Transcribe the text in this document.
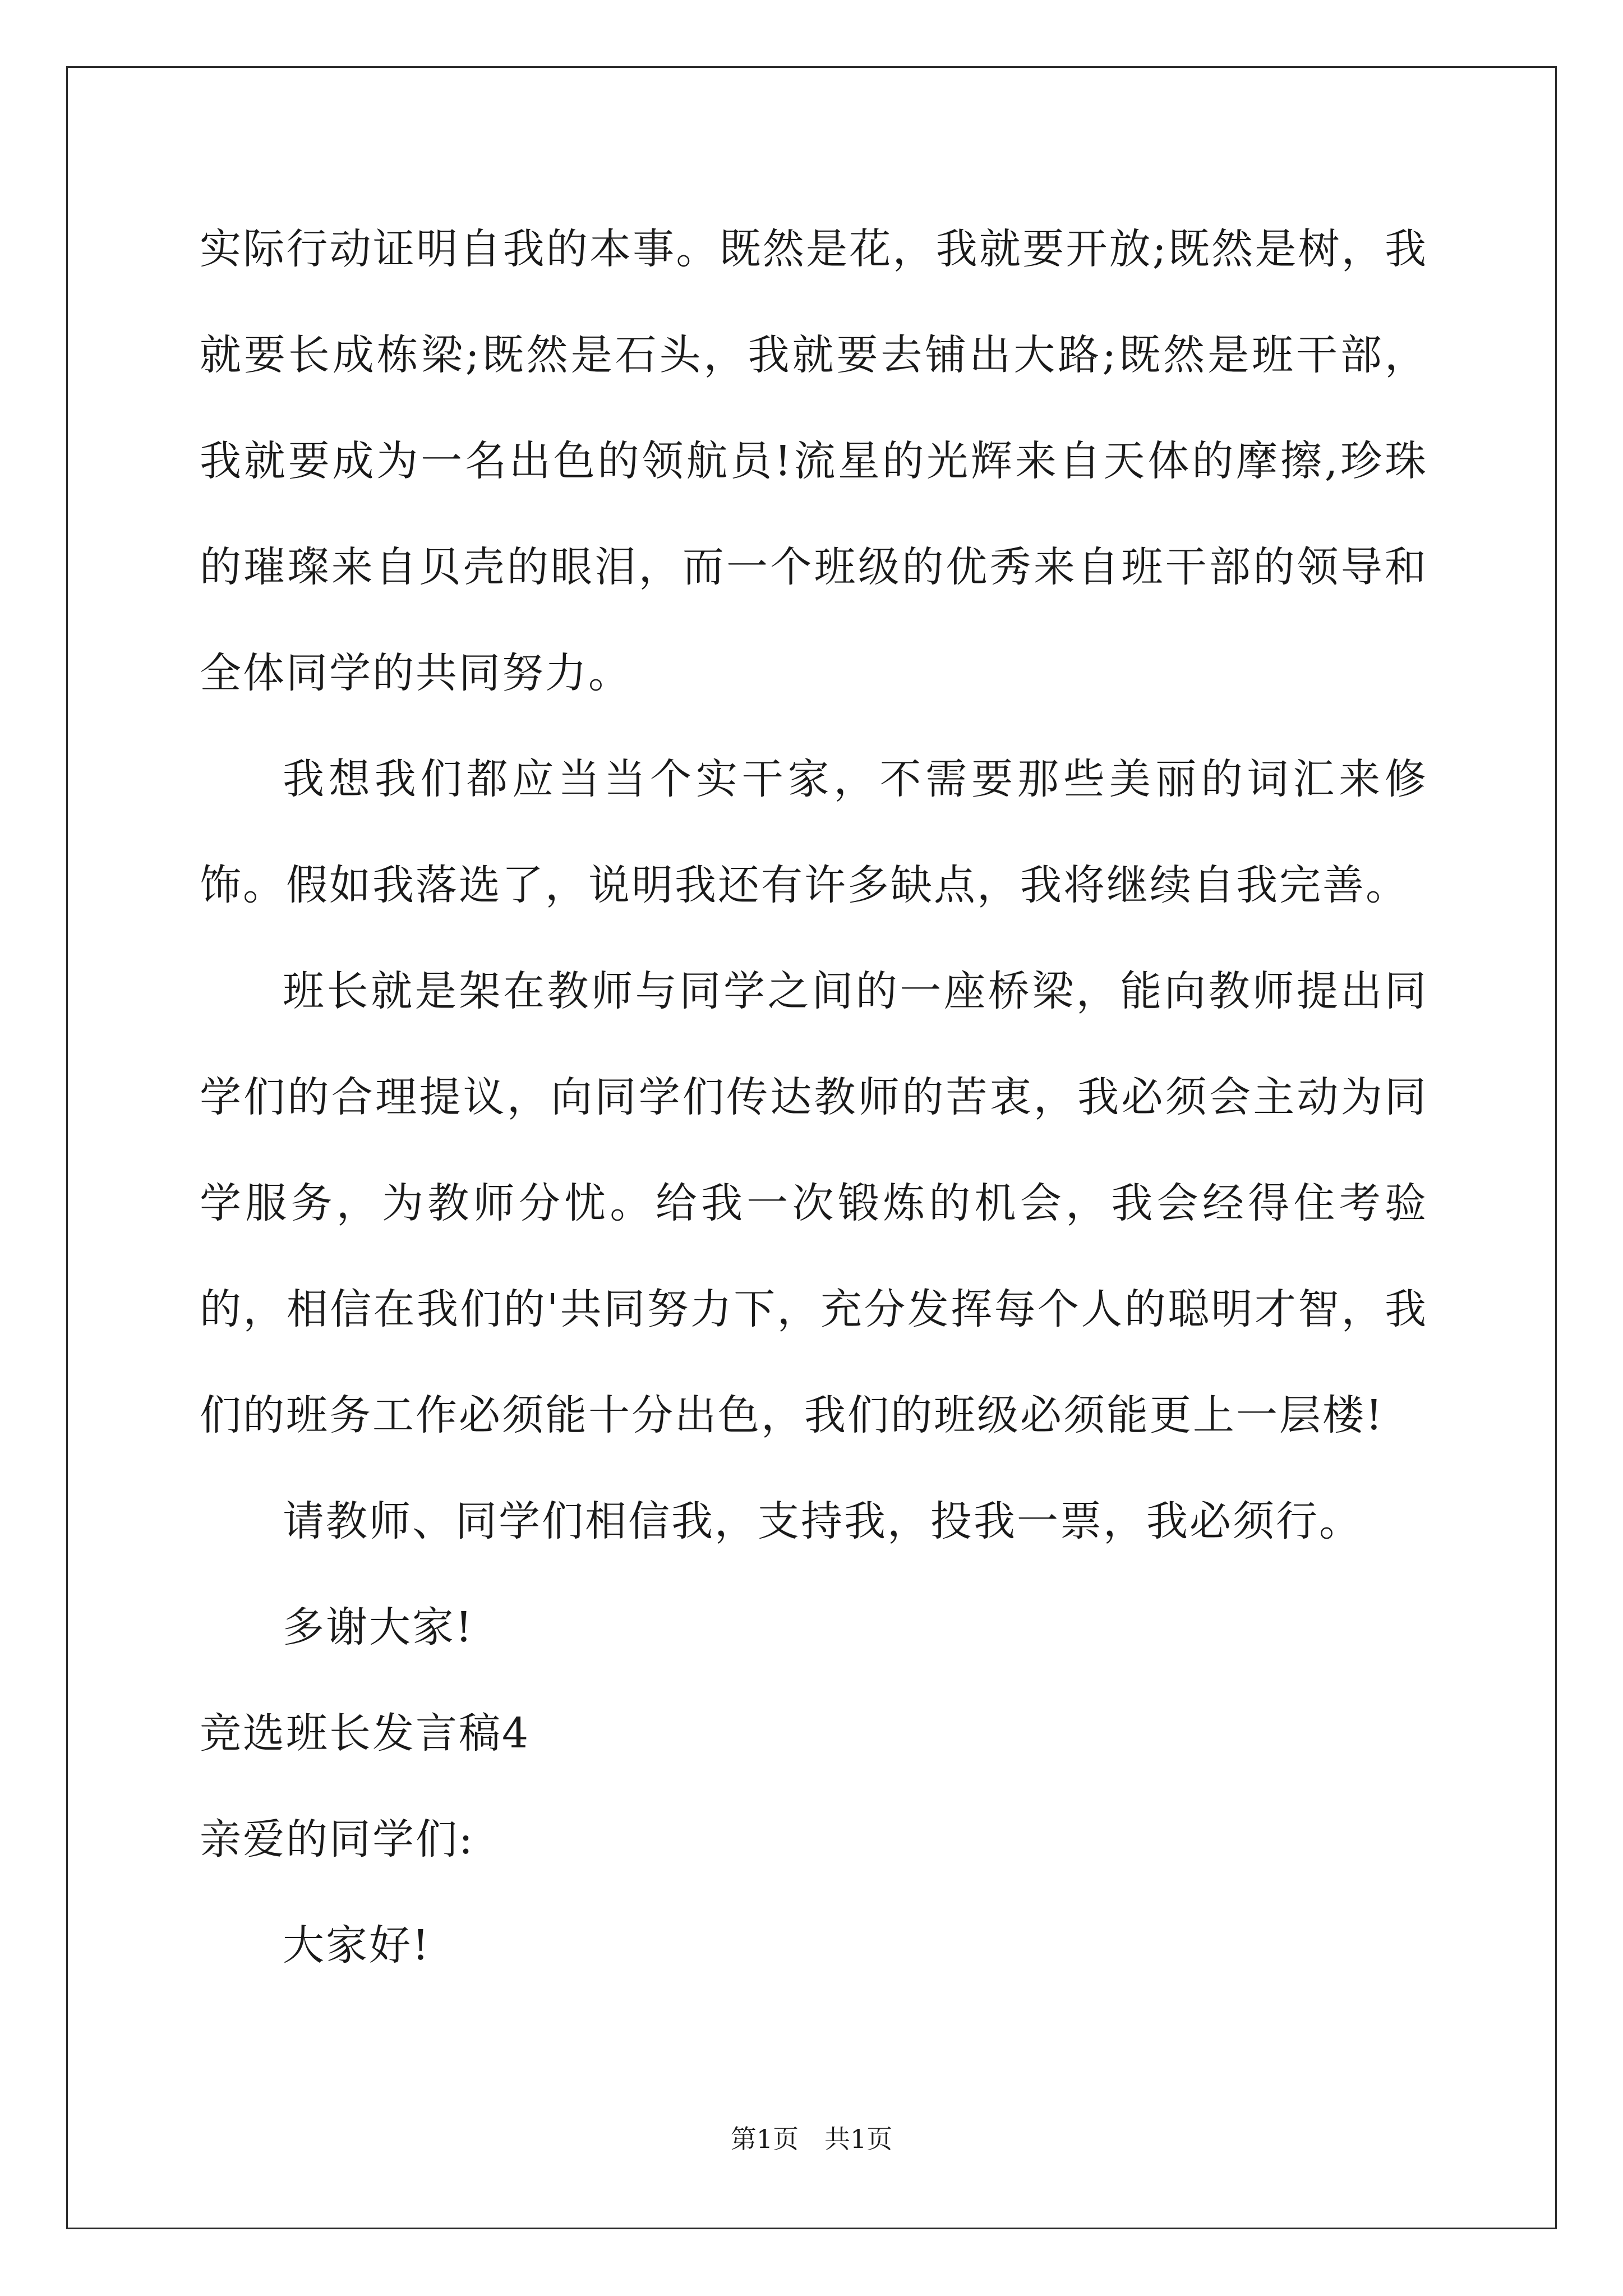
实际行动证明自我的本事。既然是花，我就要开放;既然是树，我就要长成栋梁;既然是石头，我就要去铺出大路;既然是班干部，我就要成为一名出色的领航员!流星的光辉来自天体的摩擦,珍珠的璀璨来自贝壳的眼泪，而一个班级的优秀来自班干部的领导和全体同学的共同努力。

我想我们都应当当个实干家，不需要那些美丽的词汇来修饰。假如我落选了，说明我还有许多缺点，我将继续自我完善。

班长就是架在教师与同学之间的一座桥梁，能向教师提出同学们的合理提议，向同学们传达教师的苦衷，我必须会主动为同学服务，为教师分忧。给我一次锻炼的机会，我会经得住考验的，相信在我们的'共同努力下，充分发挥每个人的聪明才智，我们的班务工作必须能十分出色，我们的班级必须能更上一层楼!

请教师、同学们相信我，支持我，投我一票，我必须行。

多谢大家!

竞选班长发言稿4

亲爱的同学们:

大家好!

第1页 共1页
